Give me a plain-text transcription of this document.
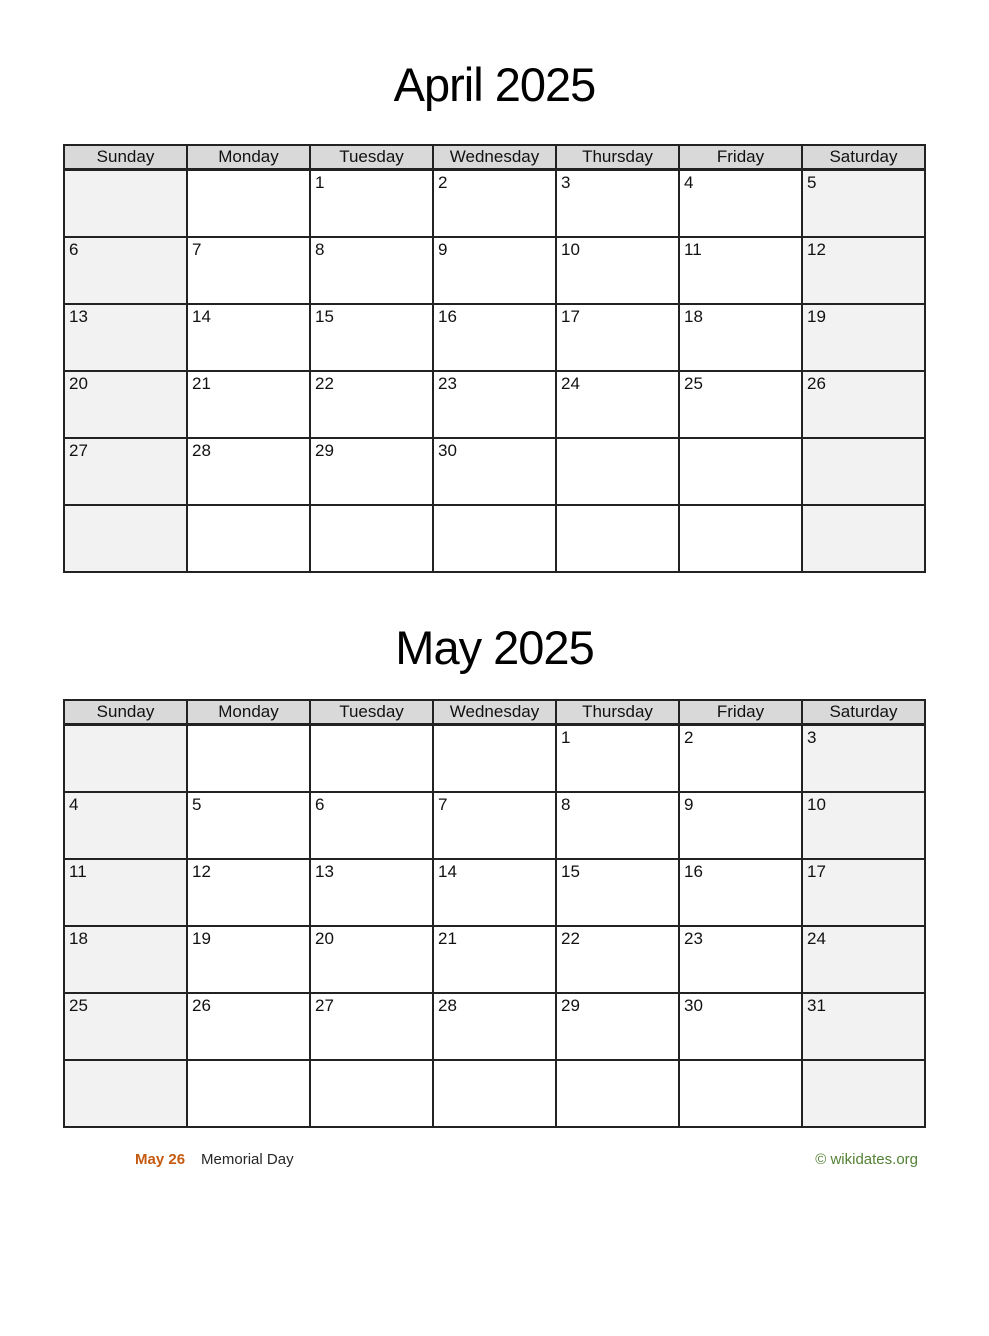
April 2025
Sunday	Monday	Tuesday	Wednesday	Thursday	Friday	Saturday
		1	2	3	4	5
6	7	8	9	10	11	12
13	14	15	16	17	18	19
20	21	22	23	24	25	26
27	28	29	30			

May 2025
Sunday	Monday	Tuesday	Wednesday	Thursday	Friday	Saturday
				1	2	3
4	5	6	7	8	9	10
11	12	13	14	15	16	17
18	19	20	21	22	23	24
25	26	27	28	29	30	31

May 26 Memorial Day	© wikidates.org
